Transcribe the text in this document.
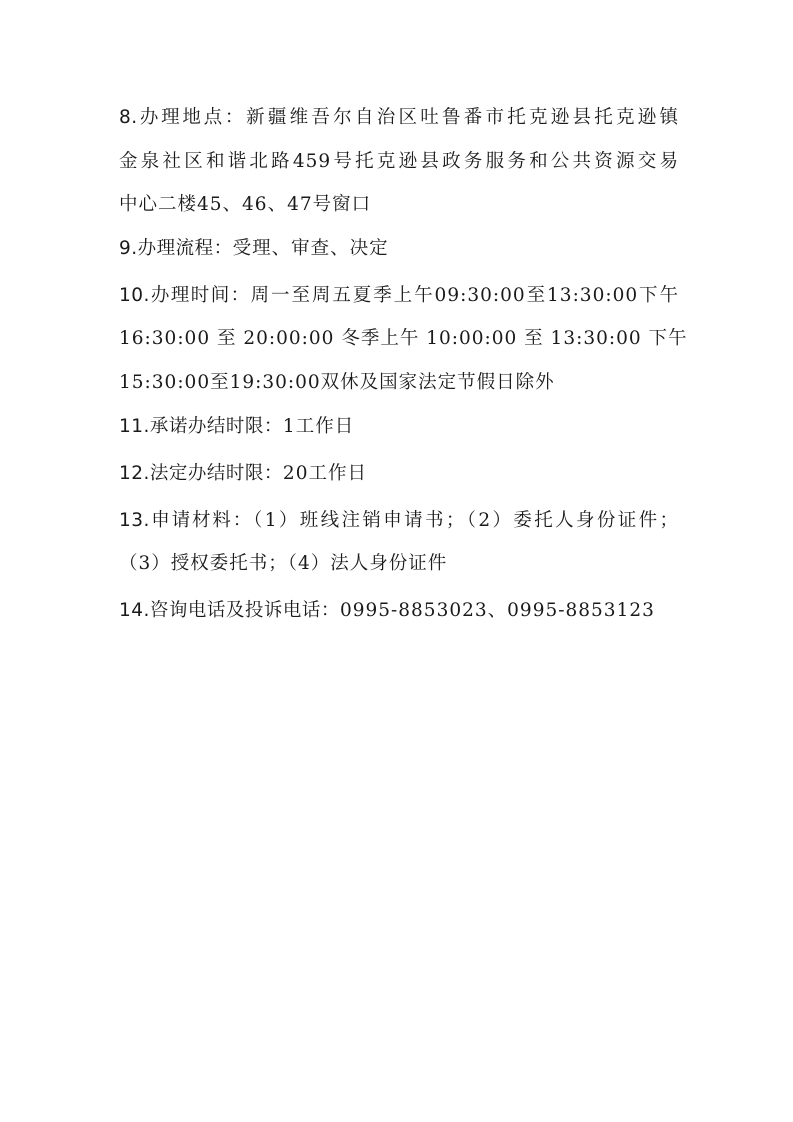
8.办理地点：新疆维吾尔自治区吐鲁番市托克逊县托克逊镇
金泉社区和谐北路459号托克逊县政务服务和公共资源交易
中心二楼45、46、47号窗口
9.办理流程：受理、审查、决定
10.办理时间：周一至周五夏季上午09:30:00至13:30:00下午
16:30:00 至 20:00:00 冬季上午 10:00:00 至 13:30:00 下午
15:30:00至19:30:00双休及国家法定节假日除外
11.承诺办结时限：1工作日
12.法定办结时限：20工作日
13.申请材料：（1）班线注销申请书；（2）委托人身份证件；
（3）授权委托书；（4）法人身份证件
14.咨询电话及投诉电话：0995-8853023、0995-8853123
